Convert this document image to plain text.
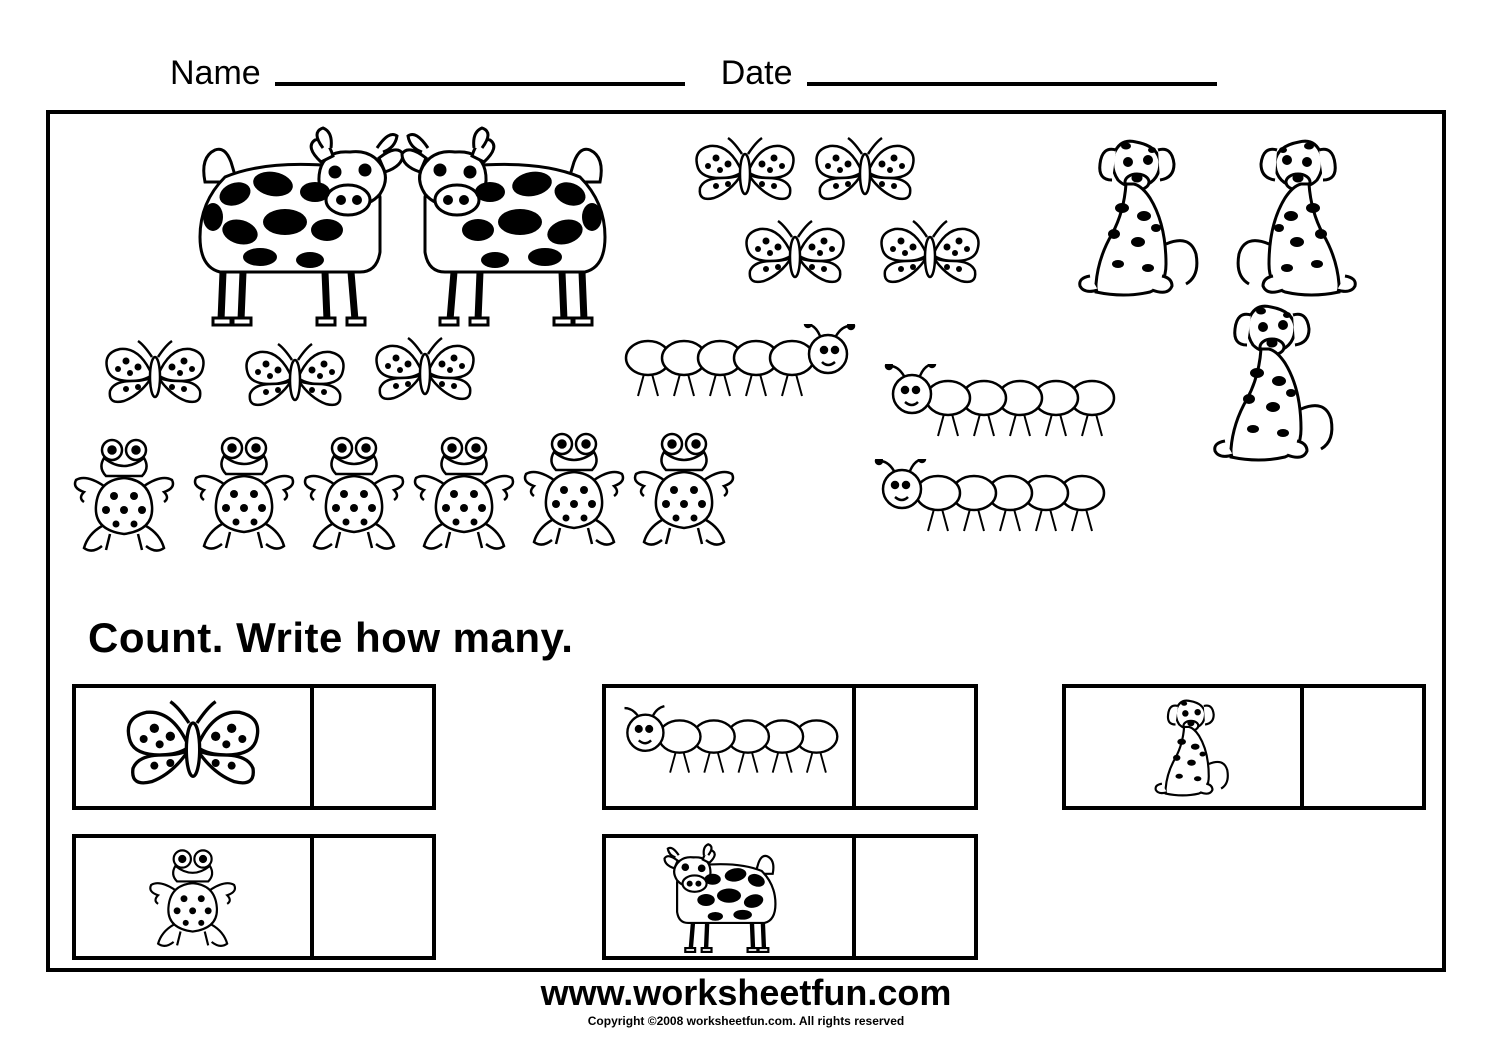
Name	Date
Count. Write how many.
www.worksheetfun.com
Copyright ©2008 worksheetfun.com. All rights reserved
